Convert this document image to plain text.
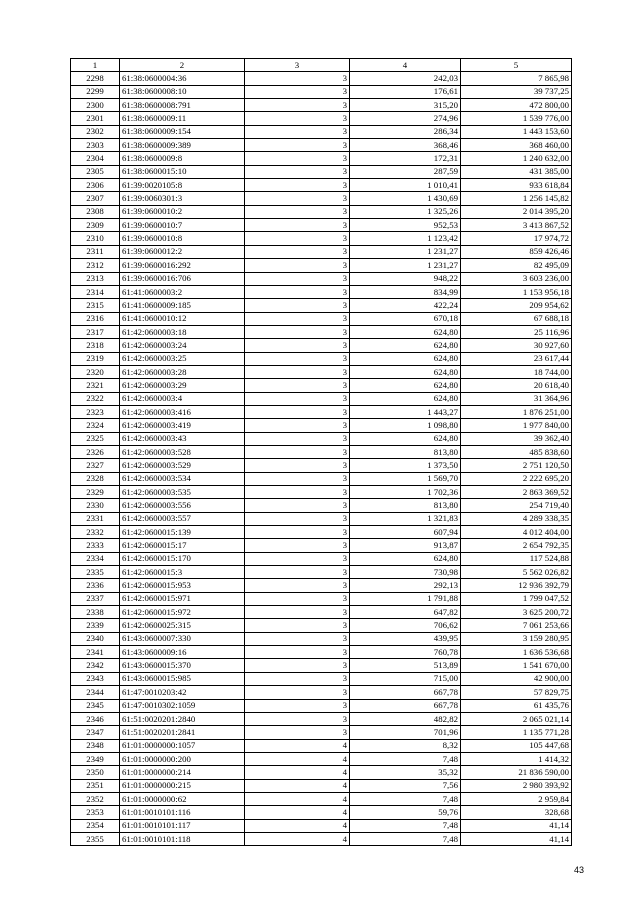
1	2	3	4	5
2298	61:38:0600004:36	3	242,03	7 865,98
2299	61:38:0600008:10	3	176,61	39 737,25
2300	61:38:0600008:791	3	315,20	472 800,00
2301	61:38:0600009:11	3	274,96	1 539 776,00
2302	61:38:0600009:154	3	286,34	1 443 153,60
2303	61:38:0600009:389	3	368,46	368 460,00
2304	61:38:0600009:8	3	172,31	1 240 632,00
2305	61:38:0600015:10	3	287,59	431 385,00
2306	61:39:0020105:8	3	1 010,41	933 618,84
2307	61:39:0060301:3	3	1 430,69	1 256 145,82
2308	61:39:0600010:2	3	1 325,26	2 014 395,20
2309	61:39:0600010:7	3	952,53	3 413 867,52
2310	61:39:0600010:8	3	1 123,42	17 974,72
2311	61:39:0600012:2	3	1 231,27	859 426,46
2312	61:39:0600016:292	3	1 231,27	82 495,09
2313	61:39:0600016:706	3	948,22	3 603 236,00
2314	61:41:0600003:2	3	834,99	1 153 956,18
2315	61:41:0600009:185	3	422,24	209 954,62
2316	61:41:0600010:12	3	670,18	67 688,18
2317	61:42:0600003:18	3	624,80	25 116,96
2318	61:42:0600003:24	3	624,80	30 927,60
2319	61:42:0600003:25	3	624,80	23 617,44
2320	61:42:0600003:28	3	624,80	18 744,00
2321	61:42:0600003:29	3	624,80	20 618,40
2322	61:42:0600003:4	3	624,80	31 364,96
2323	61:42:0600003:416	3	1 443,27	1 876 251,00
2324	61:42:0600003:419	3	1 098,80	1 977 840,00
2325	61:42:0600003:43	3	624,80	39 362,40
2326	61:42:0600003:528	3	813,80	485 838,60
2327	61:42:0600003:529	3	1 373,50	2 751 120,50
2328	61:42:0600003:534	3	1 569,70	2 222 695,20
2329	61:42:0600003:535	3	1 702,36	2 863 369,52
2330	61:42:0600003:556	3	813,80	254 719,40
2331	61:42:0600003:557	3	1 321,83	4 289 338,35
2332	61:42:0600015:139	3	607,94	4 012 404,00
2333	61:42:0600015:17	3	913,87	2 654 792,35
2334	61:42:0600015:170	3	624,80	117 524,88
2335	61:42:0600015:3	3	730,98	5 562 026,82
2336	61:42:0600015:953	3	292,13	12 936 392,79
2337	61:42:0600015:971	3	1 791,88	1 799 047,52
2338	61:42:0600015:972	3	647,82	3 625 200,72
2339	61:42:0600025:315	3	706,62	7 061 253,66
2340	61:43:0600007:330	3	439,95	3 159 280,95
2341	61:43:0600009:16	3	760,78	1 636 536,68
2342	61:43:0600015:370	3	513,89	1 541 670,00
2343	61:43:0600015:985	3	715,00	42 900,00
2344	61:47:0010203:42	3	667,78	57 829,75
2345	61:47:0010302:1059	3	667,78	61 435,76
2346	61:51:0020201:2840	3	482,82	2 065 021,14
2347	61:51:0020201:2841	3	701,96	1 135 771,28
2348	61:01:0000000:1057	4	8,32	105 447,68
2349	61:01:0000000:200	4	7,48	1 414,32
2350	61:01:0000000:214	4	35,32	21 836 590,00
2351	61:01:0000000:215	4	7,56	2 980 393,92
2352	61:01:0000000:62	4	7,48	2 959,84
2353	61:01:0010101:116	4	59,76	328,68
2354	61:01:0010101:117	4	7,48	41,14
2355	61:01:0010101:118	4	7,48	41,14
43
